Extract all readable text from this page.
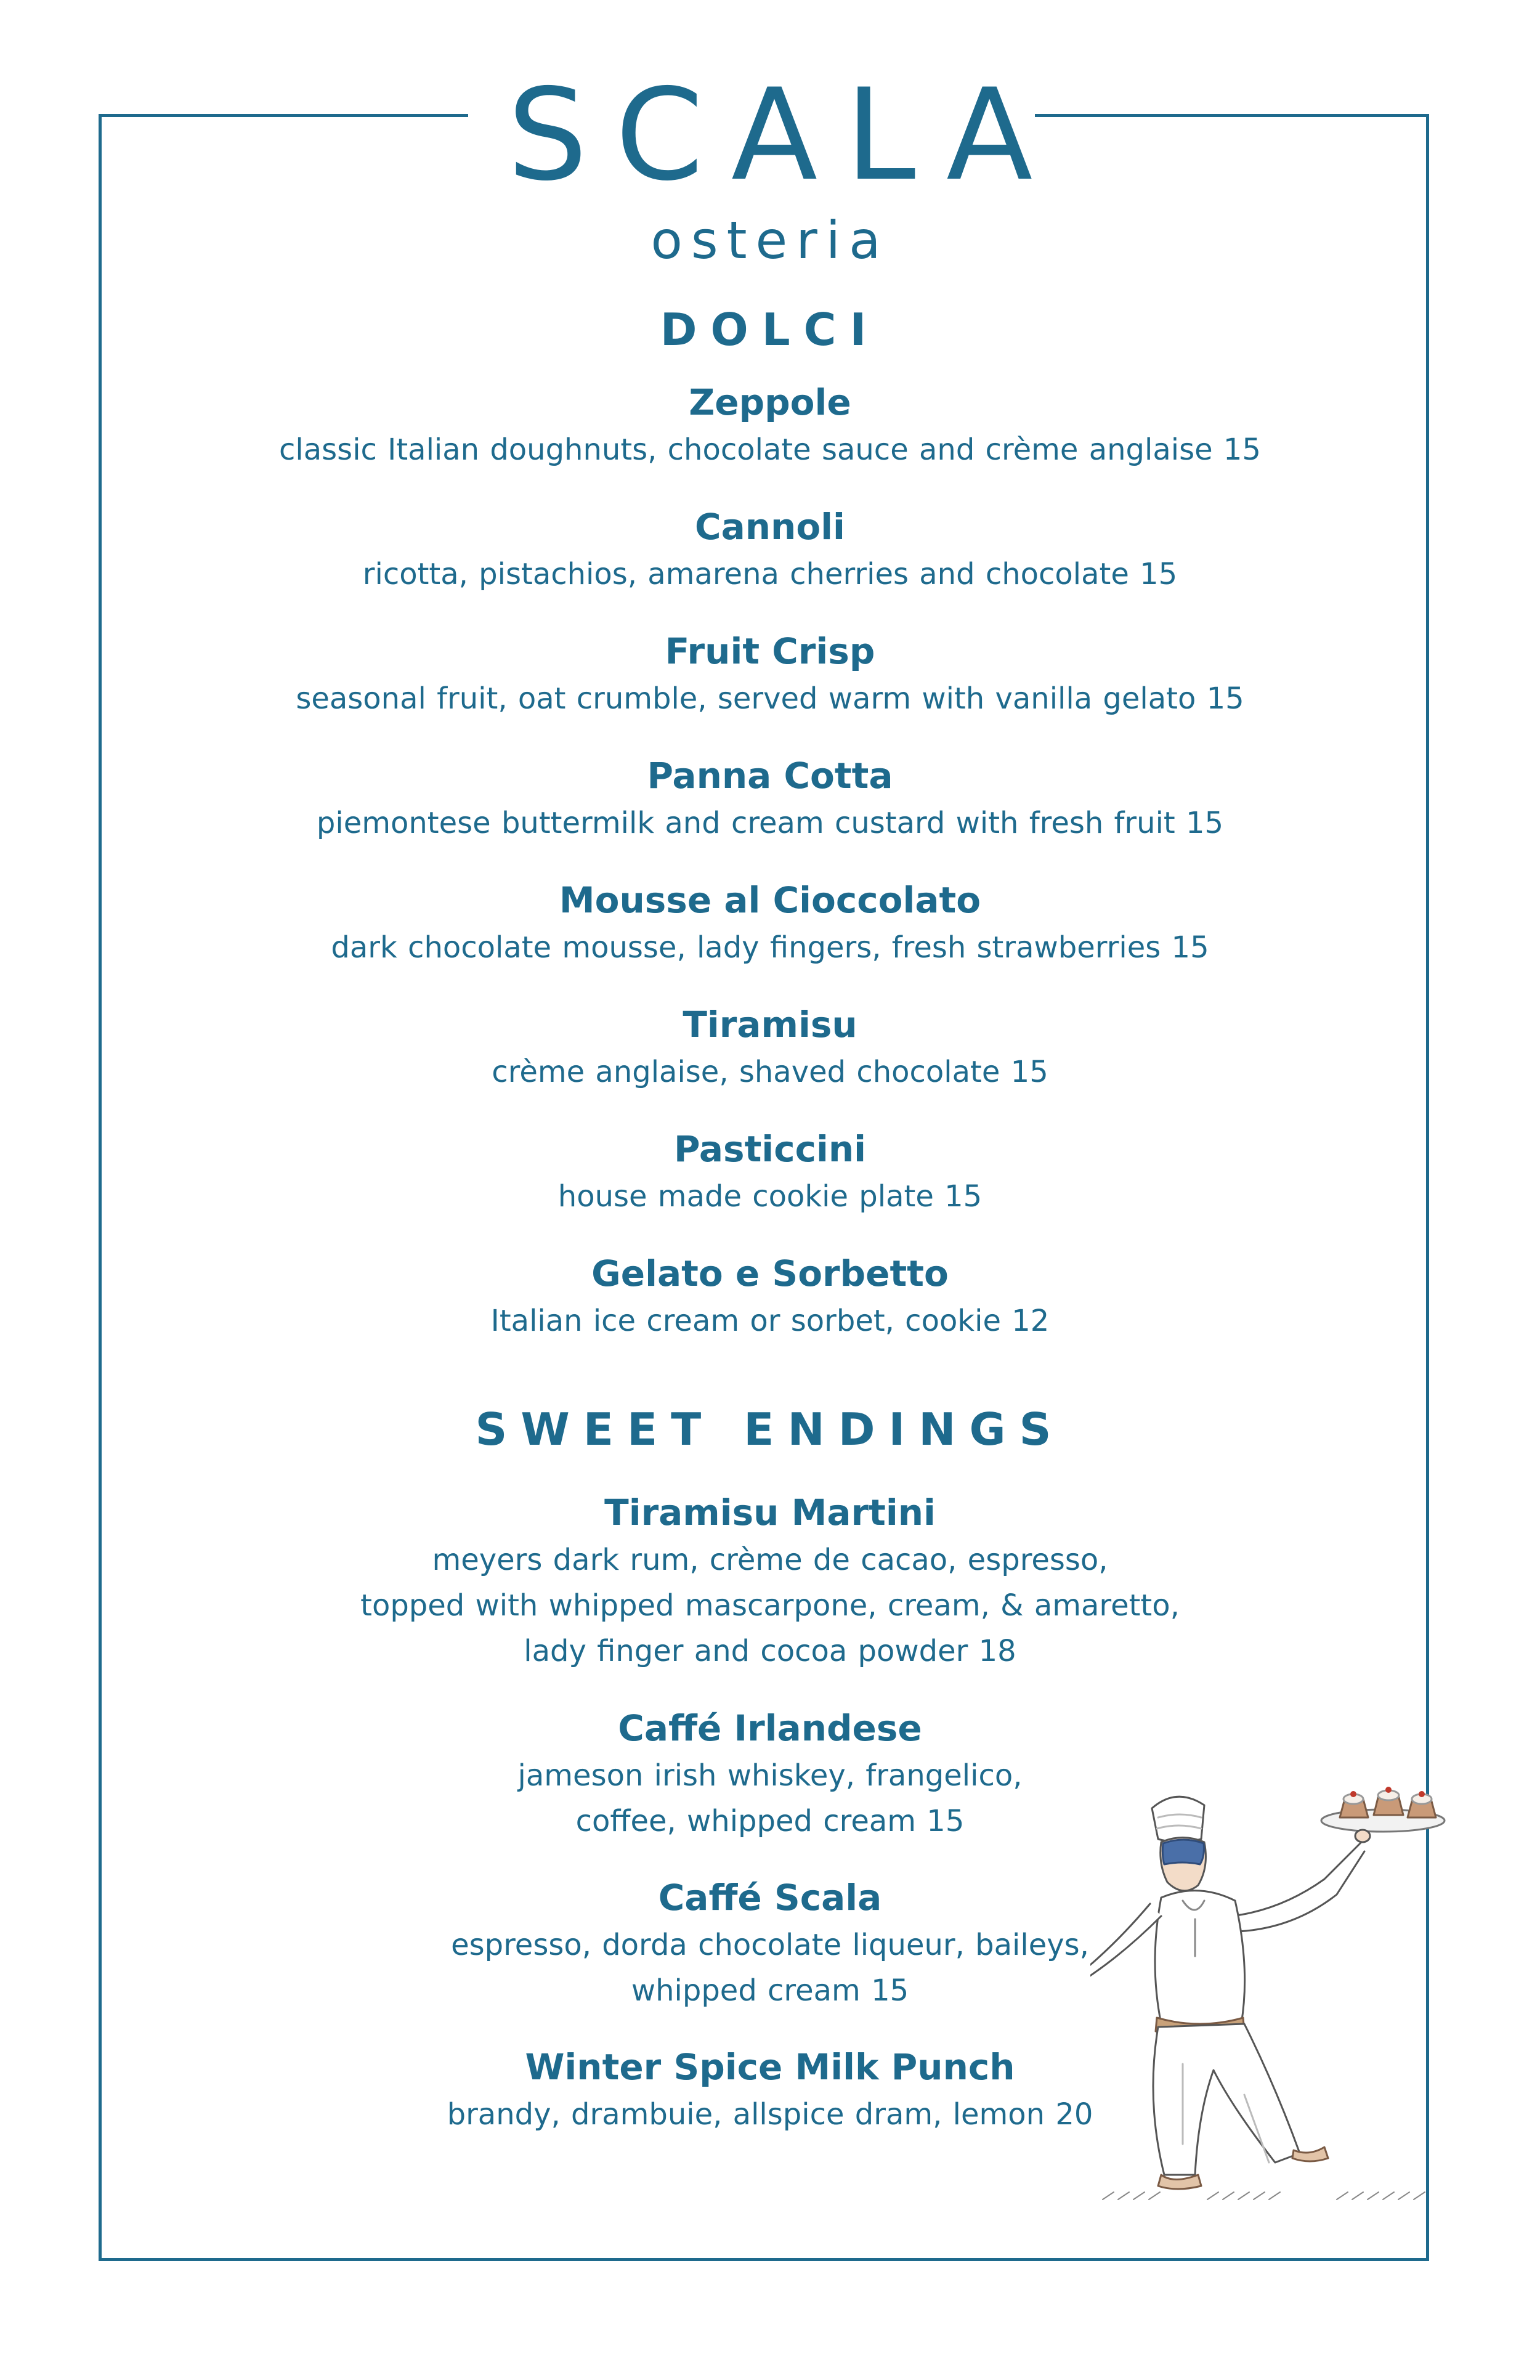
SCALA
osteria
DOLCI
Zeppole
classic Italian doughnuts, chocolate sauce and crème anglaise 15
Cannoli
ricotta, pistachios, amarena cherries and chocolate 15
Fruit Crisp
seasonal fruit, oat crumble, served warm with vanilla gelato 15
Panna Cotta
piemontese buttermilk and cream custard with fresh fruit 15
Mousse al Cioccolato
dark chocolate mousse, lady fingers, fresh strawberries 15
Tiramisu
crème anglaise, shaved chocolate 15
Pasticcini
house made cookie plate 15
Gelato e Sorbetto
Italian ice cream or sorbet, cookie 12
SWEET ENDINGS
Tiramisu Martini
meyers dark rum, crème de cacao, espresso,
topped with whipped mascarpone, cream, & amaretto,
lady finger and cocoa powder 18
Caffé Irlandese
jameson irish whiskey, frangelico,
coffee, whipped cream 15
Caffé Scala
espresso, dorda chocolate liqueur, baileys,
whipped cream 15
Winter Spice Milk Punch
brandy, drambuie, allspice dram, lemon 20
